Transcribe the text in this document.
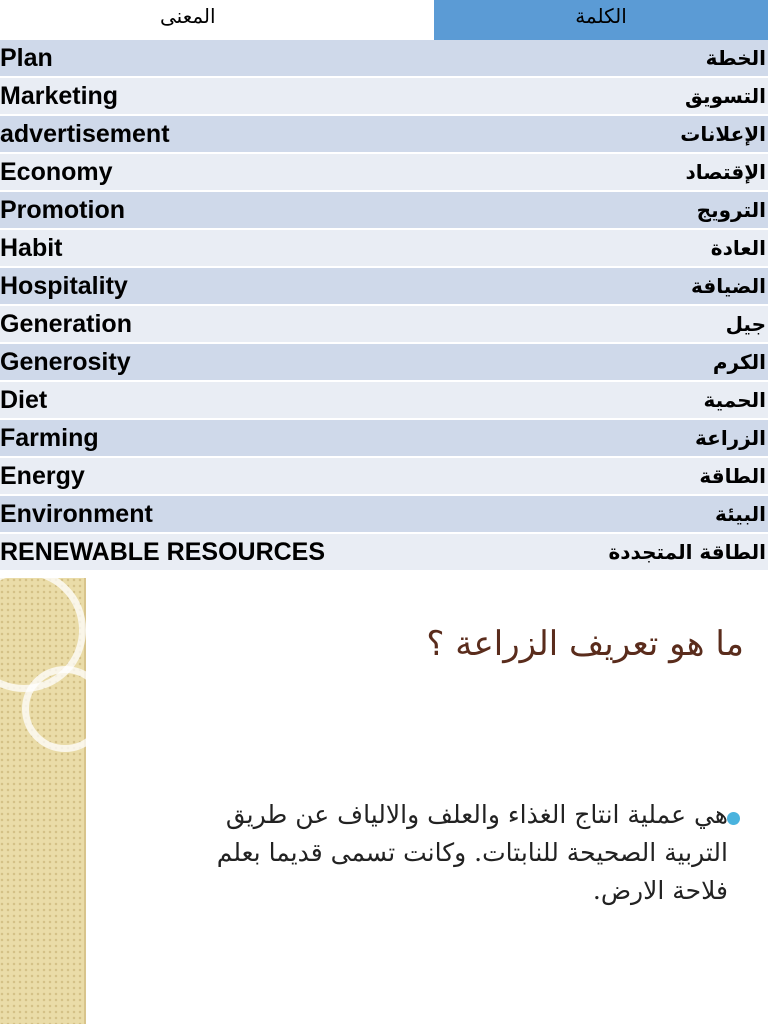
المعنى	الكلمة
Plan	الخطة
Marketing	التسويق
advertisement	الإعلانات
Economy	الإقتصاد
Promotion	الترويج
Habit	العادة
Hospitality	الضيافة
Generation	جيل
Generosity	الكرم
Diet	الحمية
Farming	الزراعة
Energy	الطاقة
Environment	البيئة
RENEWABLE RESOURCES	الطاقة المتجددة
ما هو تعريف الزراعة ؟
هي عملية انتاج الغذاء والعلف والالياف عن طريق التربية الصحيحة للنابتات. وكانت تسمى قديما بعلم فلاحة الارض.
